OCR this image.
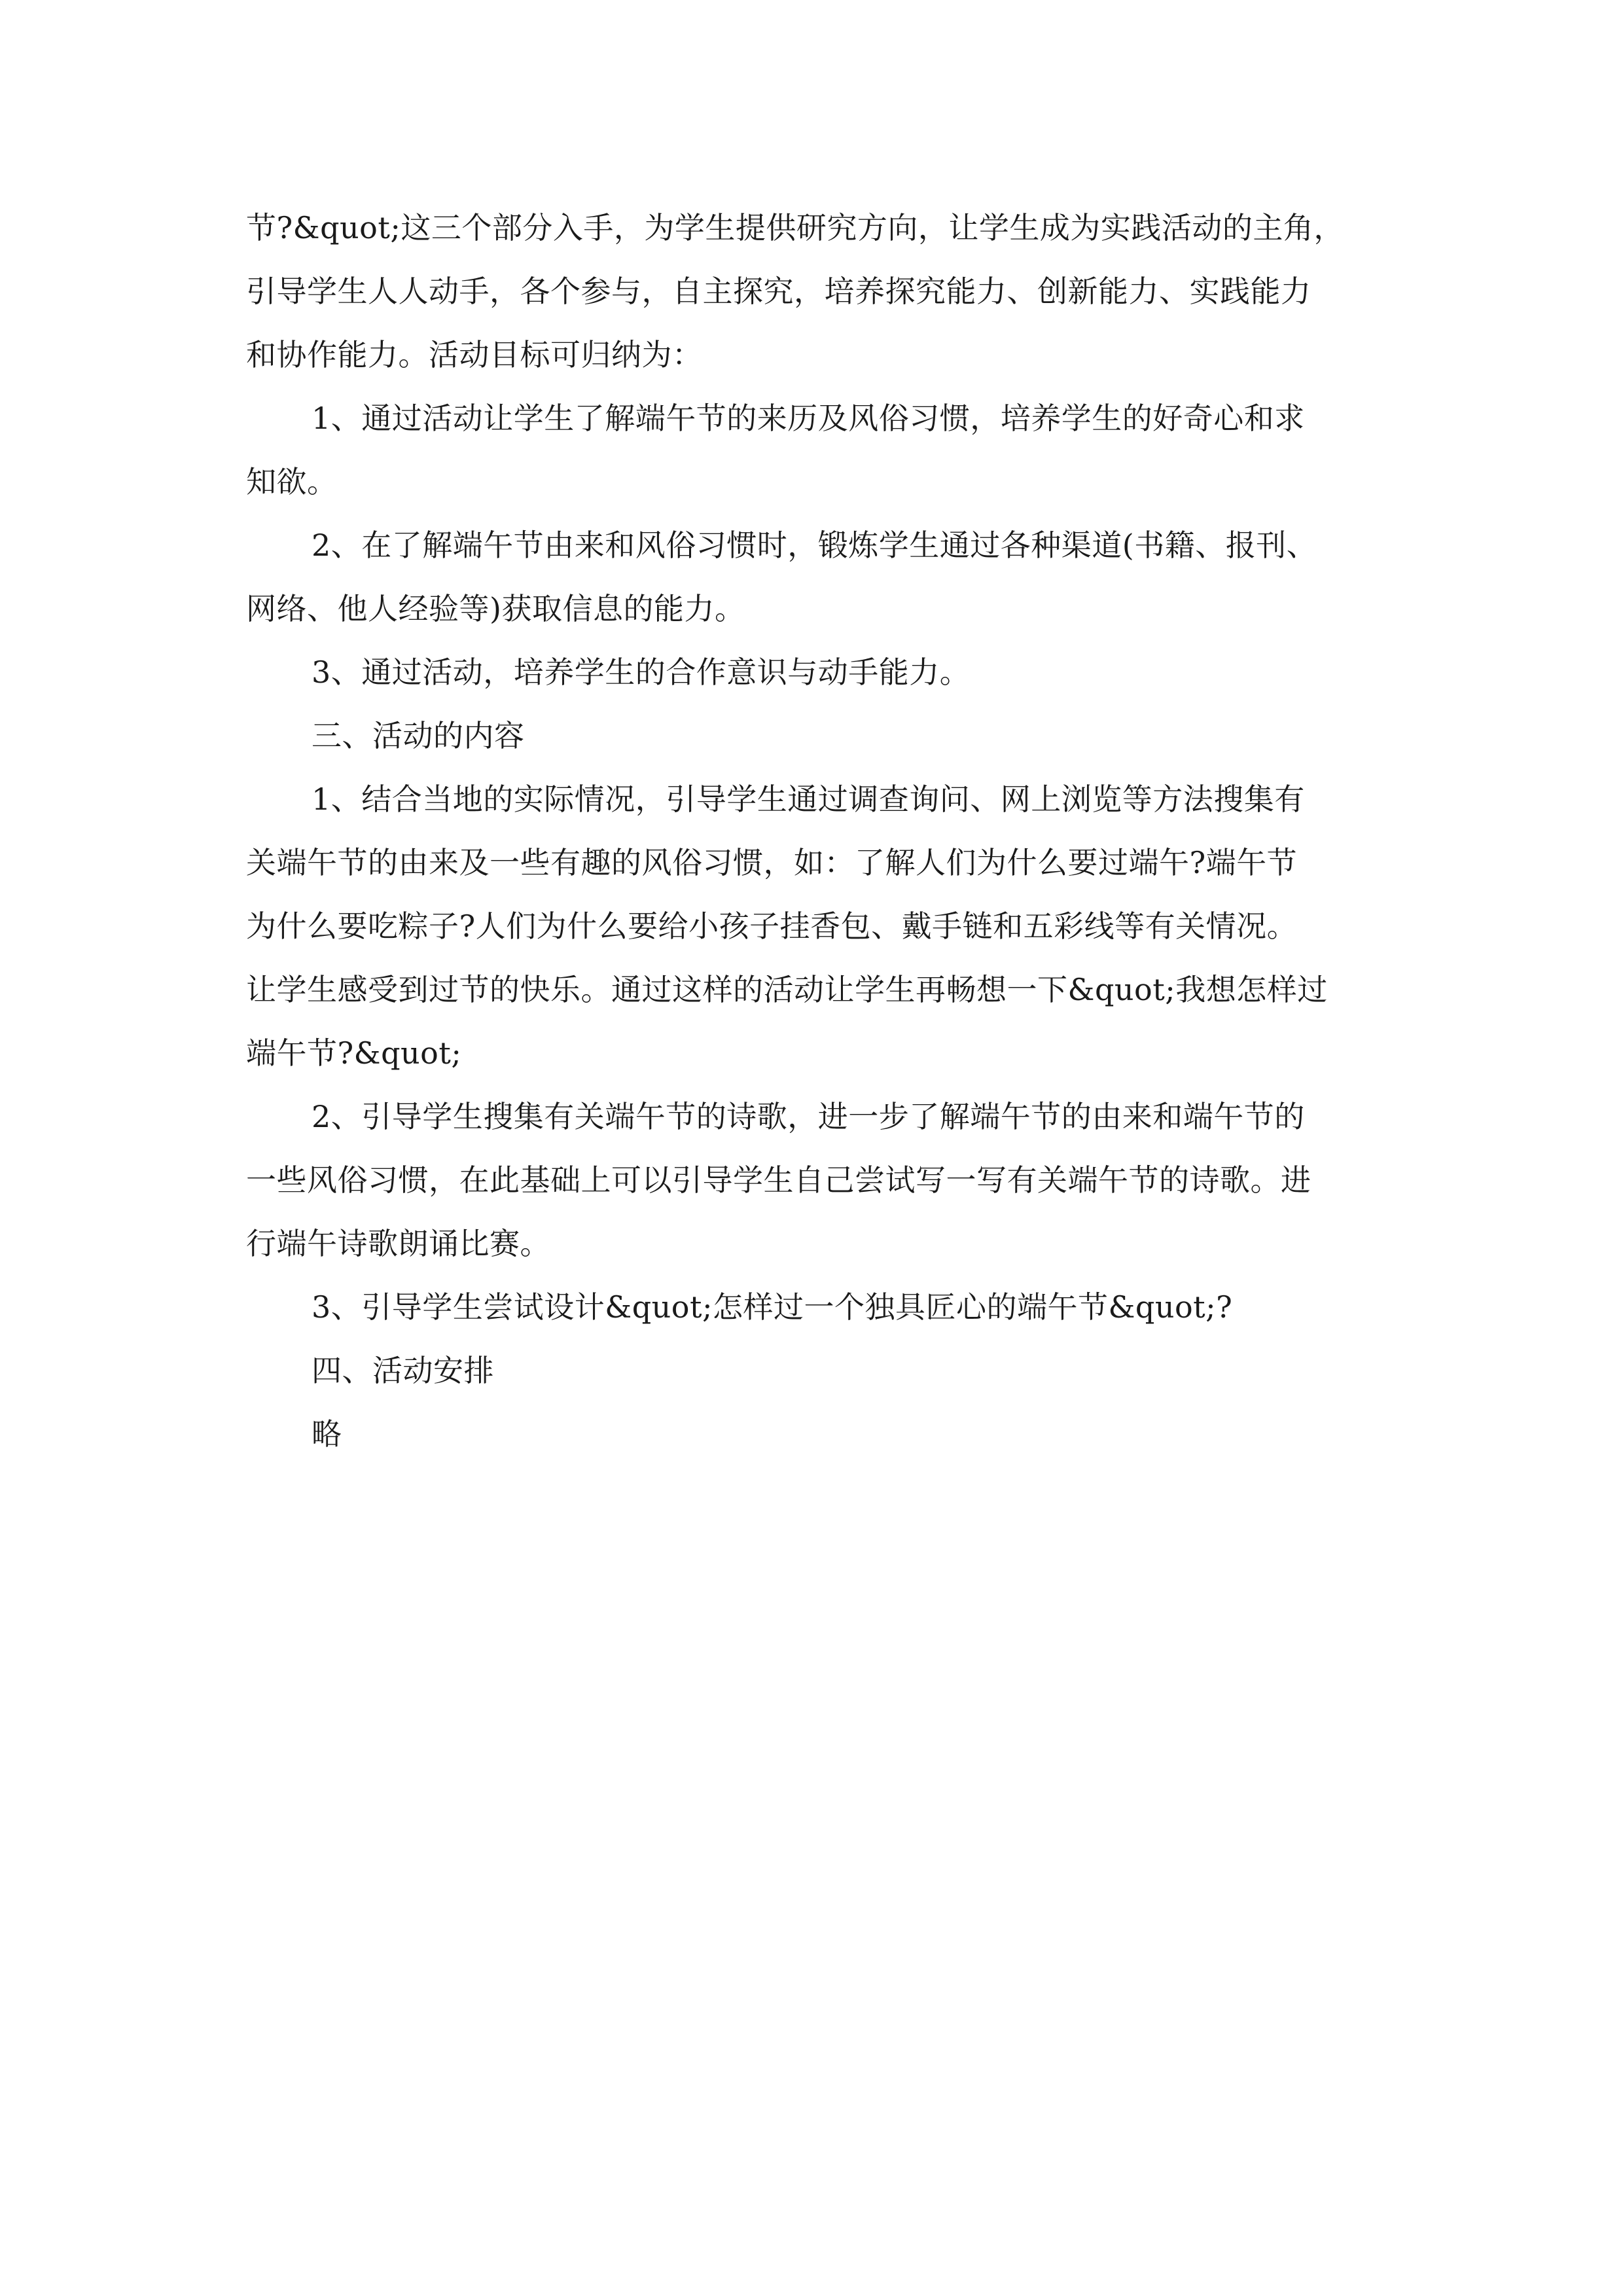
节?&quot;这三个部分入手，为学生提供研究方向，让学生成为实践活动的主角，

引导学生人人动手，各个参与，自主探究，培养探究能力、创新能力、实践能力

和协作能力。活动目标可归纳为：

1、通过活动让学生了解端午节的来历及风俗习惯，培养学生的好奇心和求

知欲。

2、在了解端午节由来和风俗习惯时，锻炼学生通过各种渠道(书籍、报刊、

网络、他人经验等)获取信息的能力。

3、通过活动，培养学生的合作意识与动手能力。

三、活动的内容

1、结合当地的实际情况，引导学生通过调查询问、网上浏览等方法搜集有

关端午节的由来及一些有趣的风俗习惯，如：了解人们为什么要过端午?端午节

为什么要吃粽子?人们为什么要给小孩子挂香包、戴手链和五彩线等有关情况。

让学生感受到过节的快乐。通过这样的活动让学生再畅想一下&quot;我想怎样过

端午节?&quot;

2、引导学生搜集有关端午节的诗歌，进一步了解端午节的由来和端午节的

一些风俗习惯，在此基础上可以引导学生自己尝试写一写有关端午节的诗歌。进

行端午诗歌朗诵比赛。

3、引导学生尝试设计&quot;怎样过一个独具匠心的端午节&quot;?

四、活动安排

略
